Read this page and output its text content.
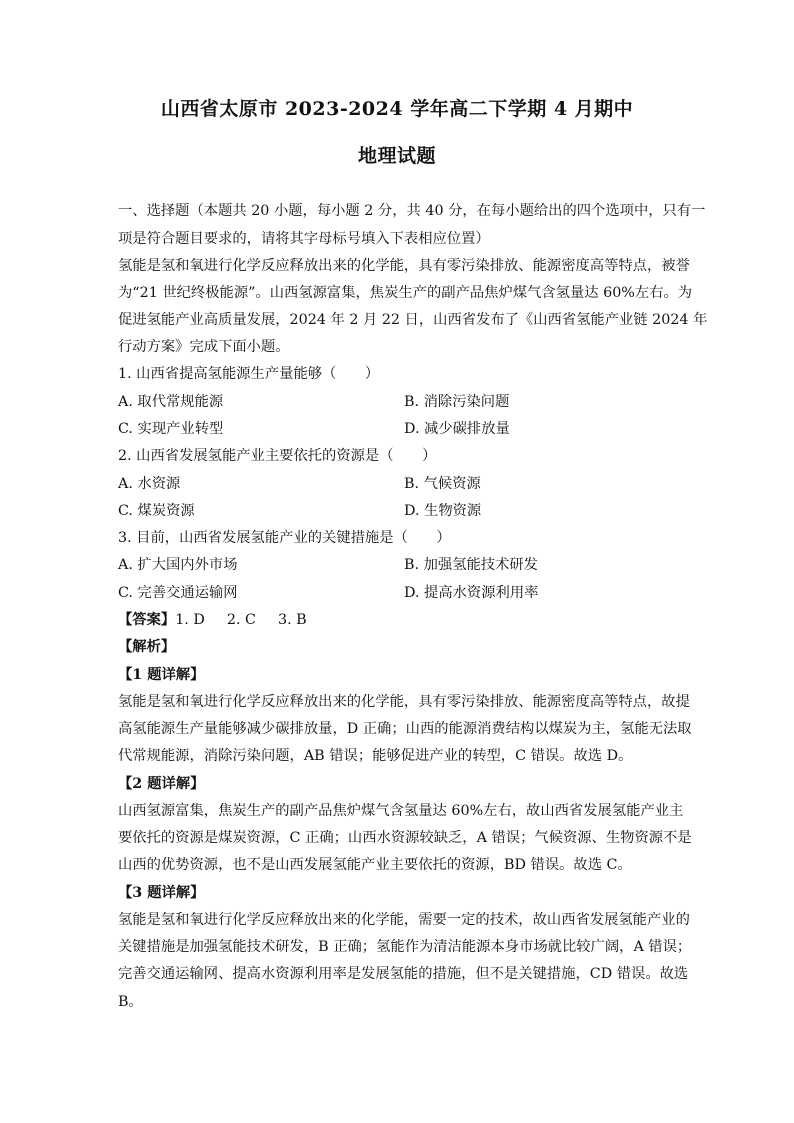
山西省太原市 2023-2024 学年高二下学期 4 月期中
地理试题
一、选择题（本题共 20 小题，每小题 2 分，共 40 分，在每小题给出的四个选项中，只有一
项是符合题目要求的，请将其字母标号填入下表相应位置）
氢能是氢和氧进行化学反应释放出来的化学能，具有零污染排放、能源密度高等特点，被誉
为“21 世纪终极能源”。山西氢源富集，焦炭生产的副产品焦炉煤气含氢量达 60%左右。为
促进氢能产业高质量发展，2024 年 2 月 22 日，山西省发布了《山西省氢能产业链 2024 年
行动方案》完成下面小题。
1. 山西省提高氢能源生产量能够（　　）
A. 取代常规能源	B. 消除污染问题
C. 实现产业转型	D. 减少碳排放量
2. 山西省发展氢能产业主要依托的资源是（　　）
A. 水资源	B. 气候资源
C. 煤炭资源	D. 生物资源
3. 目前，山西省发展氢能产业的关键措施是（　　）
A. 扩大国内外市场	B. 加强氢能技术研发
C. 完善交通运输网	D. 提高水资源利用率
【答案】1. D 2. C 3. B
【解析】
【1 题详解】
氢能是氢和氧进行化学反应释放出来的化学能，具有零污染排放、能源密度高等特点，故提
高氢能源生产量能够减少碳排放量，D 正确；山西的能源消费结构以煤炭为主，氢能无法取
代常规能源，消除污染问题，AB 错误；能够促进产业的转型，C 错误。故选 D。
【2 题详解】
山西氢源富集，焦炭生产的副产品焦炉煤气含氢量达 60%左右，故山西省发展氢能产业主
要依托的资源是煤炭资源，C 正确；山西水资源较缺乏，A 错误；气候资源、生物资源不是
山西的优势资源，也不是山西发展氢能产业主要依托的资源，BD 错误。故选 C。
【3 题详解】
氢能是氢和氧进行化学反应释放出来的化学能，需要一定的技术，故山西省发展氢能产业的
关键措施是加强氢能技术研发，B 正确；氢能作为清洁能源本身市场就比较广阔，A 错误；
完善交通运输网、提高水资源利用率是发展氢能的措施，但不是关键措施，CD 错误。故选
B。
